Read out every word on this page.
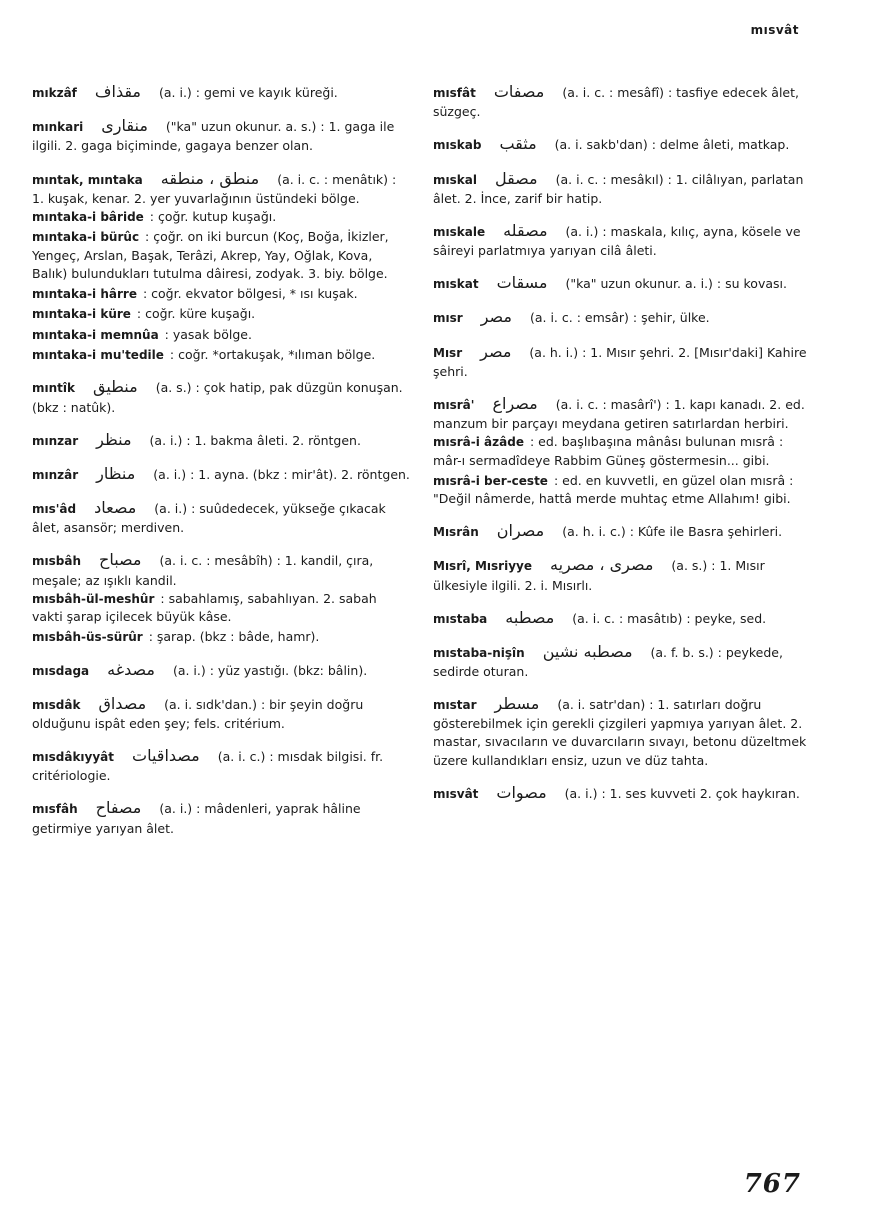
mısvât
mıkzâf مقذاف (a. i.) : gemi ve kayık küreği.
mınkari منقارى ("ka" uzun okunur. a. s.) : 1. gaga ile ilgili. 2. gaga biçiminde, gagaya benzer olan.
mıntak, mıntaka منطق ، منطقه (a. i. c. : menâtık) : 1. kuşak, kenar. 2. yer yuvarlağının üstündeki bölge.
mıntaka-i bâride : çoğr. kutup kuşağı.
mıntaka-i bürûc : çoğr. on iki burcun (Koç, Boğa, İkizler, Yengeç, Arslan, Başak, Terâzi, Akrep, Yay, Oğlak, Kova, Balık) bulundukları tutulma dâiresi, zodyak. 3. biy. bölge.
mıntaka-i hârre : coğr. ekvator bölgesi, * ısı kuşak.
mıntaka-i küre : coğr. küre kuşağı.
mıntaka-i memnûa : yasak bölge.
mıntaka-i mu'tedile : coğr. *ortakuşak, *ılıman bölge.
mıntîk منطيق (a. s.) : çok hatip, pak düzgün konuşan. (bkz : natûk).
mınzar منظر (a. i.) : 1. bakma âleti. 2. röntgen.
mınzâr منظار (a. i.) : 1. ayna. (bkz : mir'ât). 2. röntgen.
mıs'âd مصعاد (a. i.) : suûdedecek, yükseğe çıkacak âlet, asansör; merdiven.
mısbâh مصباح (a. i. c. : mesâbîh) : 1. kandil, çıra, meşale; az ışıklı kandil.
mısbâh-ül-meshûr : sabahlamış, sabahlıyan. 2. sabah vakti şarap içilecek büyük kâse.
mısbâh-üs-sürûr : şarap. (bkz : bâde, hamr).
mısdaga مصدغه (a. i.) : yüz yastığı. (bkz: bâlin).
mısdâk مصداق (a. i. sıdk'dan.) : bir şeyin doğru olduğunu ispât eden şey; fels. critérium.
mısdâkıyyât مصداقيات (a. i. c.) : mısdak bilgisi. fr. critériologie.
mısfâh مصفاح (a. i.) : mâdenleri, yaprak hâline getirmiye yarıyan âlet.
mısfât مصفات (a. i. c. : mesâfî) : tasfiye edecek âlet, süzgeç.
mıskab مثقب (a. i. sakb'dan) : delme âleti, matkap.
mıskal مصقل (a. i. c. : mesâkıl) : 1. cilâlıyan, parlatan âlet. 2. İnce, zarif bir hatip.
mıskale مصقله (a. i.) : maskala, kılıç, ayna, kösele ve sâireyi parlatmıya yarıyan cilâ âleti.
mıskat مسقات ("ka" uzun okunur. a. i.) : su kovası.
mısr مصر (a. i. c. : emsâr) : şehir, ülke.
Mısr مصر (a. h. i.) : 1. Mısır şehri. 2. [Mısır'daki] Kahire şehri.
mısrâ' مصراع (a. i. c. : masârî') : 1. kapı kanadı. 2. ed. manzum bir parçayı meydana getiren satırlardan herbiri.
mısrâ-i âzâde : ed. başlıbaşına mânâsı bulunan mısrâ : mâr-ı sermadîdeye Rabbim Güneş göstermesin... gibi.
mısrâ-i ber-ceste : ed. en kuvvetli, en güzel olan mısrâ : "Değil nâmerde, hattâ merde muhtaç etme Allahım! gibi.
Mısrân مصران (a. h. i. c.) : Kûfe ile Basra şehirleri.
Mısrî, Mısriyye مصرى ، مصريه (a. s.) : 1. Mısır ülkesiyle ilgili. 2. i. Mısırlı.
mıstaba مصطبه (a. i. c. : masâtıb) : peyke, sed.
mıstaba-nişîn مصطبه نشين (a. f. b. s.) : peykede, sedirde oturan.
mıstar مسطر (a. i. satr'dan) : 1. satırları doğru gösterebilmek için gerekli çizgileri yapmıya yarıyan âlet. 2. mastar, sıvacıların ve duvarcıların sıvayı, betonu düzeltmek üzere kullandıkları ensiz, uzun ve düz tahta.
mısvât مصوات (a. i.) : 1. ses kuvveti 2. çok haykıran.
767
